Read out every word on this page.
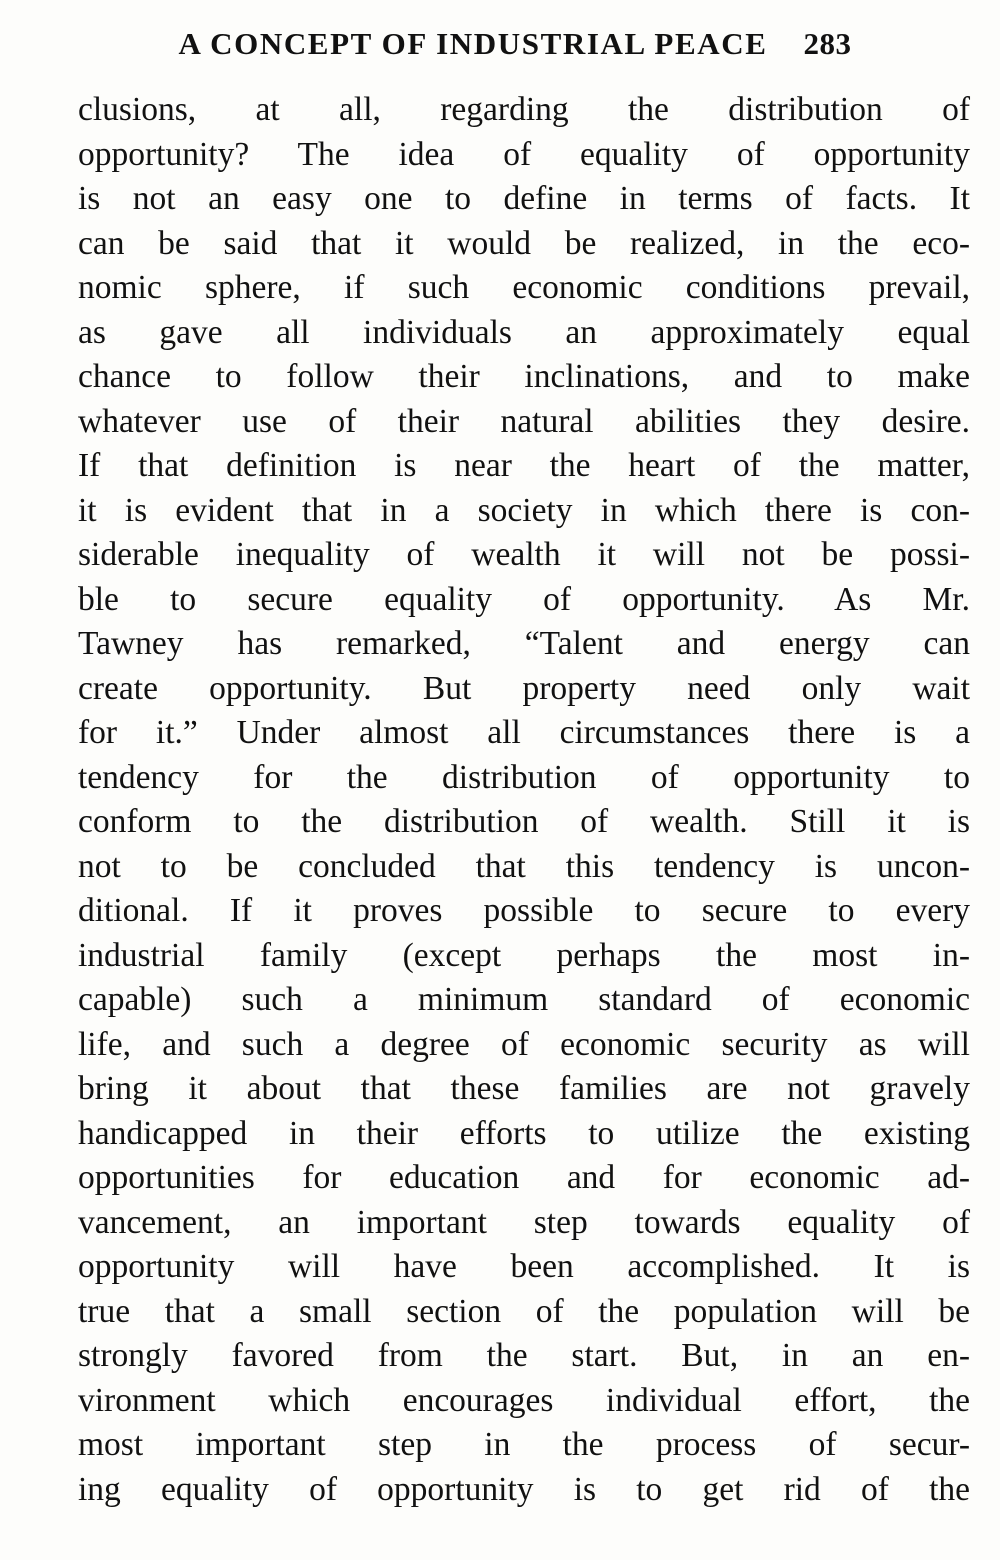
A CONCEPT OF INDUSTRIAL PEACE 283

clusions, at all, regarding the distribution of
opportunity? The idea of equality of opportunity
is not an easy one to define in terms of facts. It
can be said that it would be realized, in the eco-
nomic sphere, if such economic conditions prevail,
as gave all individuals an approximately equal
chance to follow their inclinations, and to make
whatever use of their natural abilities they desire.
If that definition is near the heart of the matter,
it is evident that in a society in which there is con-
siderable inequality of wealth it will not be possi-
ble to secure equality of opportunity. As Mr.
Tawney has remarked, “Talent and energy can
create opportunity. But property need only wait
for it.” Under almost all circumstances there is a
tendency for the distribution of opportunity to
conform to the distribution of wealth. Still it is
not to be concluded that this tendency is uncon-
ditional. If it proves possible to secure to every
industrial family (except perhaps the most in-
capable) such a minimum standard of economic
life, and such a degree of economic security as will
bring it about that these families are not gravely
handicapped in their efforts to utilize the existing
opportunities for education and for economic ad-
vancement, an important step towards equality of
opportunity will have been accomplished. It is
true that a small section of the population will be
strongly favored from the start. But, in an en-
vironment which encourages individual effort, the
most important step in the process of secur-
ing equality of opportunity is to get rid of the
